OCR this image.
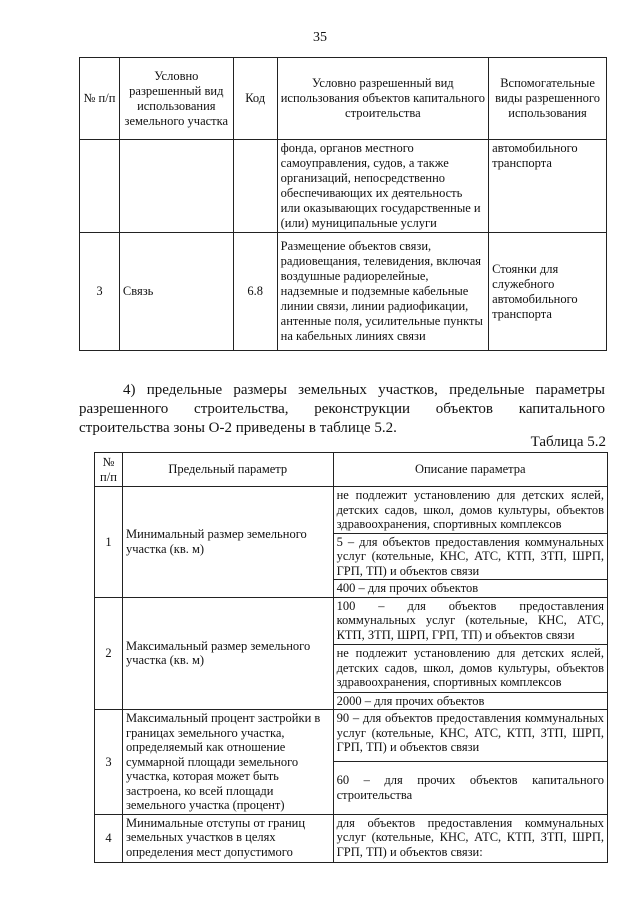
35
№ п/п	Условно разрешенный вид использования земельного участка	Код	Условно разрешенный вид использования объектов капитального строительства	Вспомогательные виды разрешенного использования
			фонда, органов местного самоуправления, судов, а также организаций, непосредственно обеспечивающих их деятельность или оказывающих государственные и (или) муниципальные услуги	автомобильного транспорта
3	Связь	6.8	Размещение объектов связи, радиовещания, телевидения, включая воздушные радиорелейные, надземные и подземные кабельные линии связи, линии радиофикации, антенные поля, усилительные пункты на кабельных линиях связи	Стоянки для служебного автомобильного транспорта

4) предельные размеры земельных участков, предельные параметры разрешенного строительства, реконструкции объектов капитального строительства зоны О-2 приведены в таблице 5.2.

Таблица 5.2
№ п/п	Предельный параметр	Описание параметра
1	Минимальный размер земельного участка (кв. м)	не подлежит установлению для детских яслей, детских садов, школ, домов культуры, объектов здравоохранения, спортивных комплексов
		5 – для объектов предоставления коммунальных услуг (котельные, КНС, АТС, КТП, ЗТП, ШРП, ГРП, ТП) и объектов связи
		400 – для прочих объектов
2	Максимальный размер земельного участка (кв. м)	100 – для объектов предоставления коммунальных услуг (котельные, КНС, АТС, КТП, ЗТП, ШРП, ГРП, ТП) и объектов связи
		не подлежит установлению для детских яслей, детских садов, школ, домов культуры, объектов здравоохранения, спортивных комплексов
		2000 – для прочих объектов
3	Максимальный процент застройки в границах земельного участка, определяемый как отношение суммарной площади земельного участка, которая может быть застроена, ко всей площади земельного участка (процент)	90 – для объектов предоставления коммунальных услуг (котельные, КНС, АТС, КТП, ЗТП, ШРП, ГРП, ТП) и объектов связи
		60 – для прочих объектов капитального строительства
4	Минимальные отступы от границ земельных участков в целях определения мест допустимого	для объектов предоставления коммунальных услуг (котельные, КНС, АТС, КТП, ЗТП, ШРП, ГРП, ТП) и объектов связи:
